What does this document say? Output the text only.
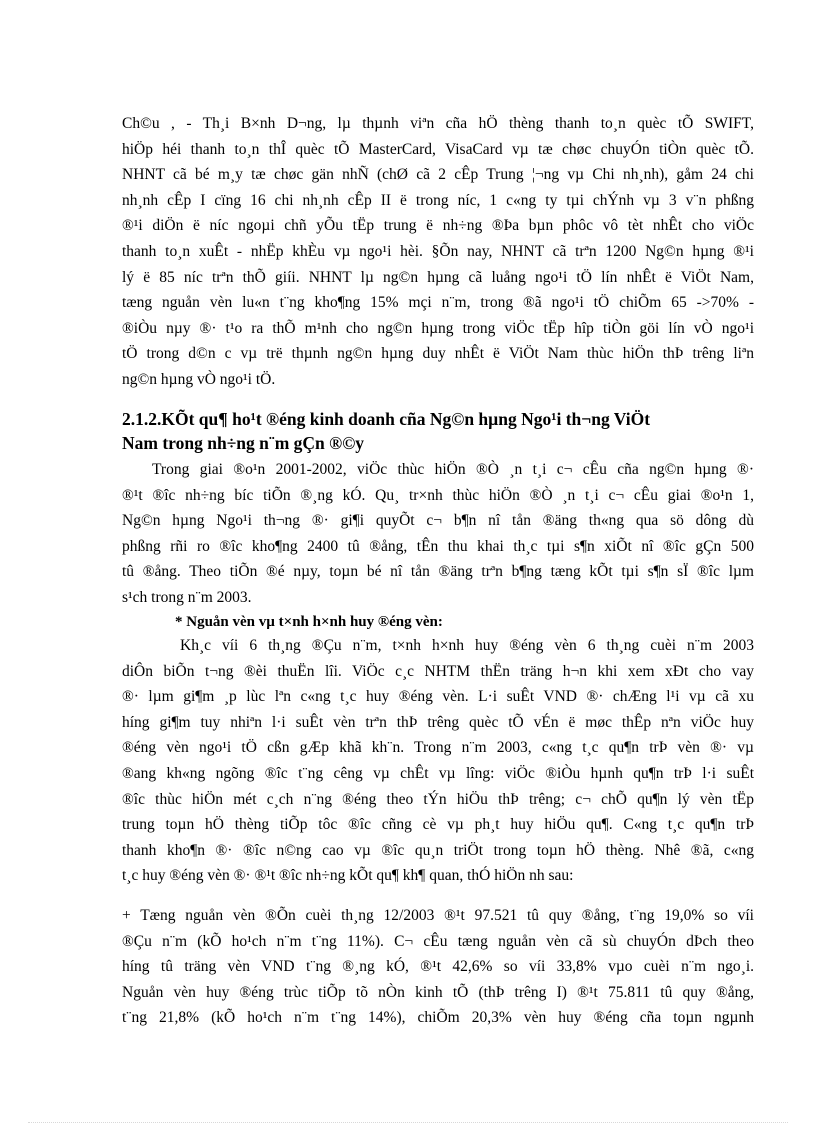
Ch©u , - Th¸i B×nh D¬ng, lµ thµnh viªn cña hÖ thèng thanh to¸n quèc tÕ SWIFT,
hiÖp héi thanh to¸n thÎ quèc tÕ MasterCard, VisaCard vµ tæ chøc chuyÓn tiÒn quèc tÕ.
NHNT cã bé m¸y tæ chøc gän nhÑ (chØ cã 2 cÊp Trung ¦¬ng vµ Chi nh¸nh), gåm 24 chi
nh¸nh cÊp I cïng 16 chi nh¸nh cÊp II ë trong níc, 1 c«ng ty tµi chÝnh vµ 3 v¨n phßng
®¹i diÖn ë níc ngoµi chñ yÕu tËp trung ë nh÷ng ®Þa bµn phôc vô tèt nhÊt cho viÖc
thanh to¸n xuÊt - nhËp khÈu vµ ngo¹i hèi. §Õn nay, NHNT cã trªn 1200 Ng©n hµng ®¹i
lý ë 85 níc trªn thÕ giíi. NHNT lµ ng©n hµng cã luång ngo¹i tÖ lín nhÊt ë ViÖt Nam,
tæng nguån vèn lu«n t¨ng kho¶ng 15% mçi n¨m, trong ®ã ngo¹i tÖ chiÕm 65 ->70% -
®iÒu nµy ®· t¹o ra thÕ m¹nh cho ng©n hµng trong viÖc tËp hîp tiÒn göi lín vÒ ngo¹i
tÖ trong d©n c vµ trë thµnh ng©n hµng duy nhÊt ë ViÖt Nam thùc hiÖn thÞ trêng liªn
ng©n hµng vÒ ngo¹i tÖ.
2.1.2.KÕt qu¶ ho¹t ®éng kinh doanh cña Ng©n hµng Ngo¹i th¬ng ViÖt
Nam trong nh÷ng n¨m gÇn ®©y
Trong giai ®o¹n 2001-2002, viÖc thùc hiÖn ®Ò ¸n t¸i c¬ cÊu cña ng©n hµng ®·
®¹t ®îc nh÷ng bíc tiÕn ®¸ng kÓ. Qu¸ tr×nh thùc hiÖn ®Ò ¸n t¸i c¬ cÊu giai ®o¹n 1,
Ng©n hµng Ngo¹i th¬ng ®· gi¶i quyÕt c¬ b¶n nî tån ®äng th«ng qua sö dông dù
phßng rñi ro ®îc kho¶ng 2400 tû ®ång, tÊn thu khai th¸c tµi s¶n xiÕt nî ®îc gÇn 500
tû ®ång. Theo tiÕn ®é nµy, toµn bé nî tån ®äng trªn b¶ng tæng kÕt tµi s¶n sÏ ®îc lµm
s¹ch trong n¨m 2003.
* Nguån vèn vµ t×nh h×nh huy ®éng vèn:
Kh¸c víi 6 th¸ng ®Çu n¨m, t×nh h×nh huy ®éng vèn 6 th¸ng cuèi n¨m 2003
diÔn biÕn t¬ng ®èi thuËn lîi. ViÖc c¸c NHTM thËn träng h¬n khi xem xÐt cho vay
®· lµm gi¶m ¸p lùc lªn c«ng t¸c huy ®éng vèn. L·i suÊt VND ®· chÆng l¹i vµ cã xu
híng gi¶m tuy nhiªn l·i suÊt vèn trªn thÞ trêng quèc tÕ vÉn ë møc thÊp nªn viÖc huy
®éng vèn ngo¹i tÖ cßn gÆp khã kh¨n. Trong n¨m 2003, c«ng t¸c qu¶n trÞ vèn ®· vµ
®ang kh«ng ngõng ®îc t¨ng cêng vµ chÊt vµ lîng: viÖc ®iÒu hµnh qu¶n trÞ l·i suÊt
®îc thùc hiÖn mét c¸ch n¨ng ®éng theo tÝn hiÖu thÞ trêng; c¬ chÕ qu¶n lý vèn tËp
trung toµn hÖ thèng tiÕp tôc ®îc cñng cè vµ ph¸t huy hiÖu qu¶. C«ng t¸c qu¶n trÞ
thanh kho¶n ®· ®îc n©ng cao vµ ®îc qu¸n triÖt trong toµn hÖ thèng. Nhê ®ã, c«ng
t¸c huy ®éng vèn ®· ®¹t ®îc nh÷ng kÕt qu¶ kh¶ quan, thÓ hiÖn nh sau:
+ Tæng nguån vèn ®Õn cuèi th¸ng 12/2003 ®¹t 97.521 tû quy ®ång, t¨ng 19,0% so víi
®Çu n¨m (kÕ ho¹ch n¨m t¨ng 11%). C¬ cÊu tæng nguån vèn cã sù chuyÓn dÞch theo
híng tû träng vèn VND t¨ng ®¸ng kÓ, ®¹t 42,6% so víi 33,8% vµo cuèi n¨m ngo¸i.
Nguån vèn huy ®éng trùc tiÕp tõ nÒn kinh tÕ (thÞ trêng I) ®¹t 75.811 tû quy ®ång,
t¨ng 21,8% (kÕ ho¹ch n¨m t¨ng 14%), chiÕm 20,3% vèn huy ®éng cña toµn ngµnh
